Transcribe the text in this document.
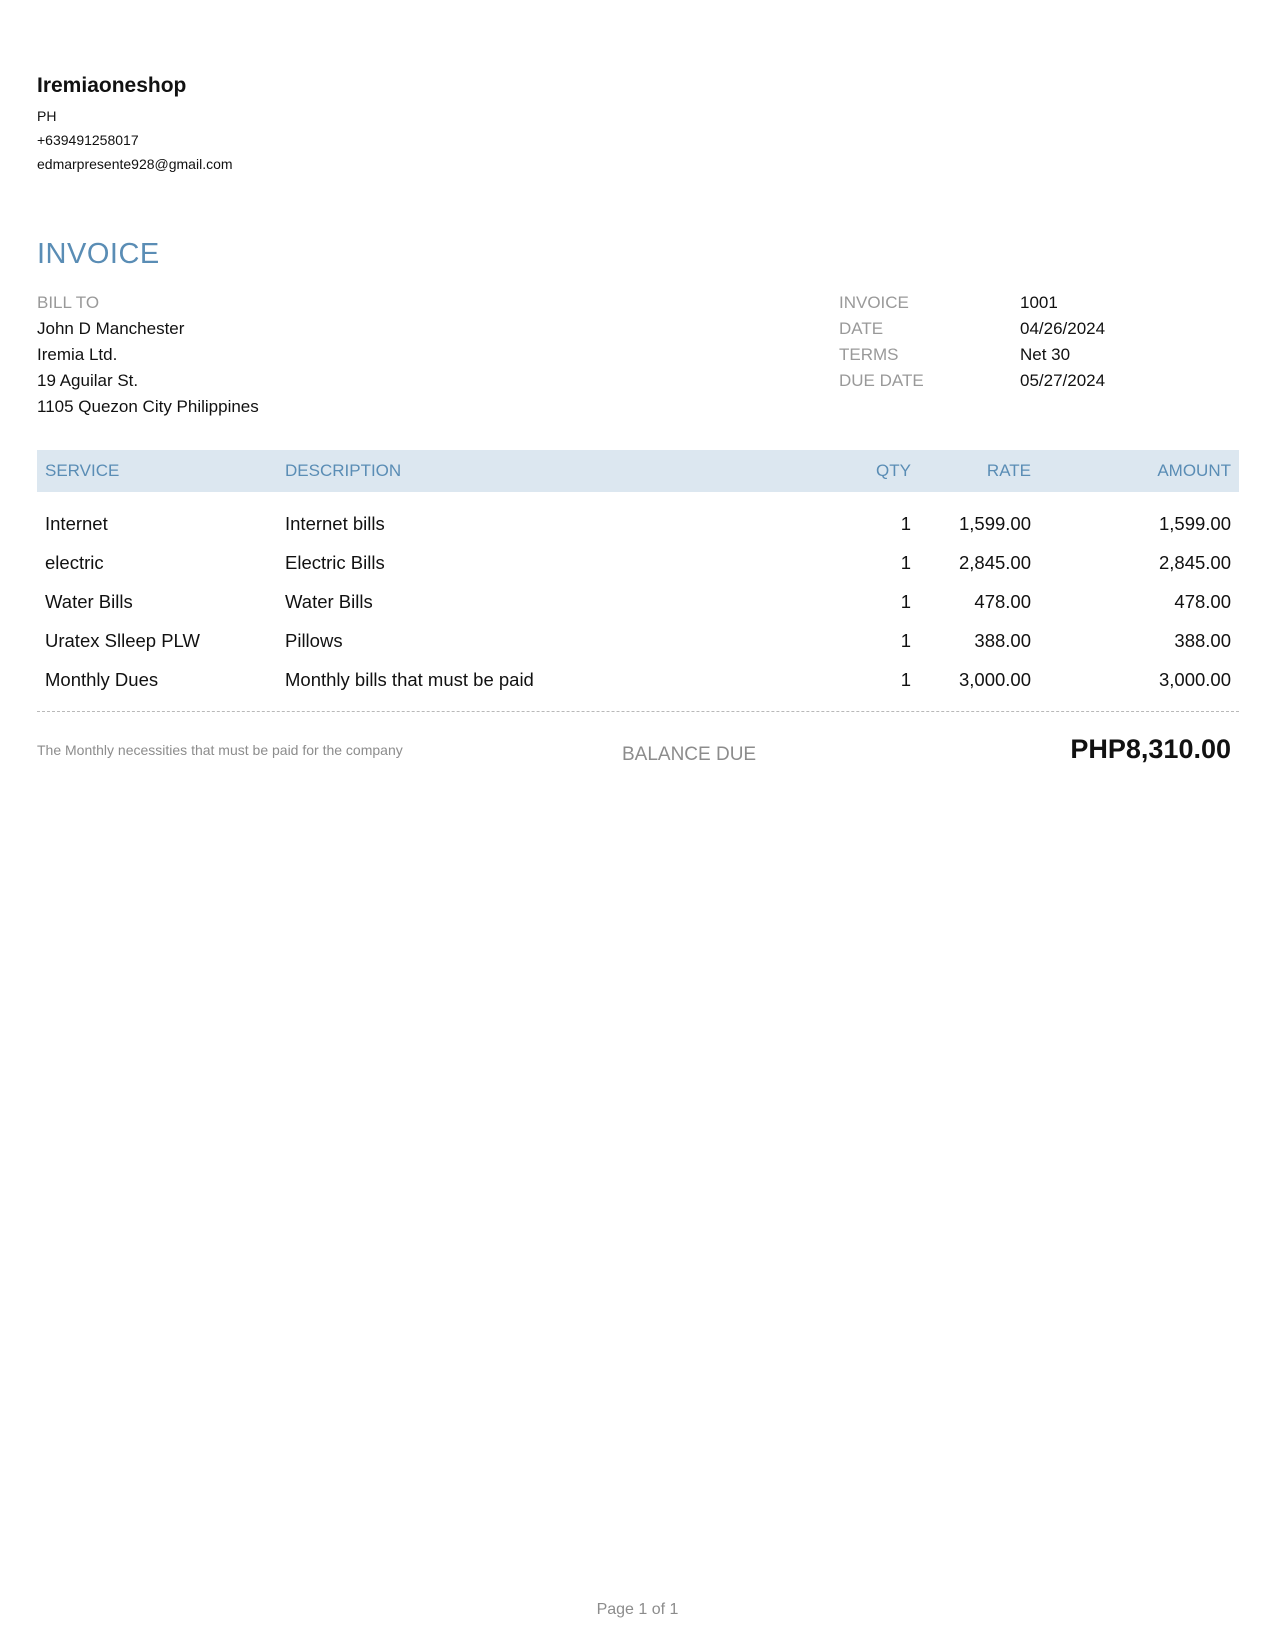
Iremiaoneshop
PH
+639491258017
edmarpresente928@gmail.com
INVOICE
BILL TO
John D Manchester
Iremia Ltd.
19 Aguilar St.
1105 Quezon City Philippines
INVOICE	1001
DATE	04/26/2024
TERMS	Net 30
DUE DATE	05/27/2024
SERVICE	DESCRIPTION	QTY	RATE	AMOUNT

Internet	Internet bills	1	1,599.00	1,599.00
electric	Electric Bills	1	2,845.00	2,845.00
Water Bills	Water Bills	1	478.00	478.00
Uratex Slleep PLW	Pillows	1	388.00	388.00
Monthly Dues	Monthly bills that must be paid	1	3,000.00	3,000.00
The Monthly necessities that must be paid for the company	BALANCE DUE	PHP8,310.00
Page 1 of 1
